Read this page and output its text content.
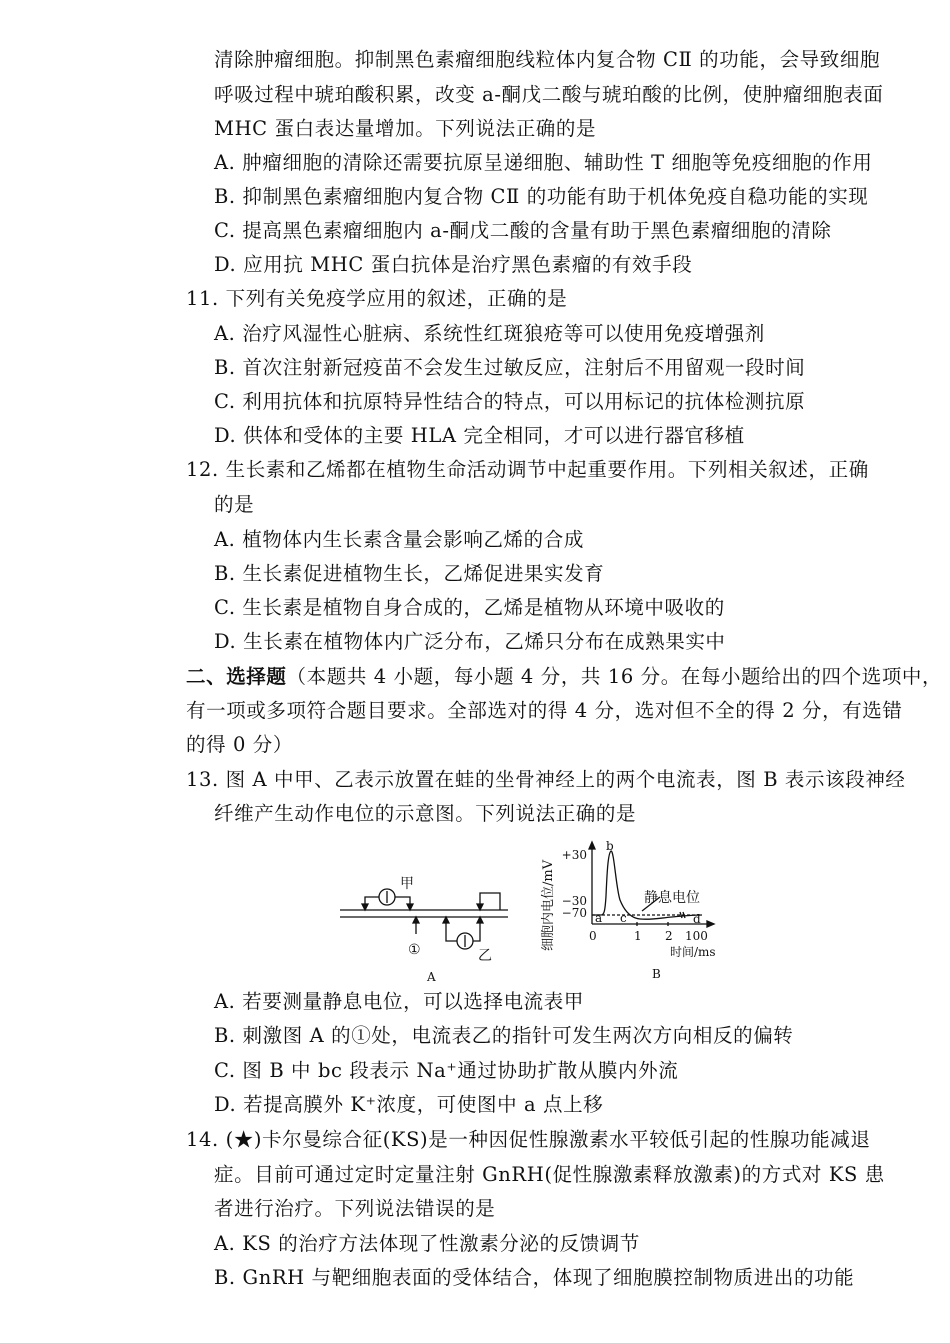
清除肿瘤细胞。抑制黑色素瘤细胞线粒体内复合物 CⅡ 的功能，会导致细胞
呼吸过程中琥珀酸积累，改变 a-酮戊二酸与琥珀酸的比例，使肿瘤细胞表面
MHC 蛋白表达量增加。下列说法正确的是
A. 肿瘤细胞的清除还需要抗原呈递细胞、辅助性 T 细胞等免疫细胞的作用
B. 抑制黑色素瘤细胞内复合物 CⅡ 的功能有助于机体免疫自稳功能的实现
C. 提高黑色素瘤细胞内 a-酮戊二酸的含量有助于黑色素瘤细胞的清除
D. 应用抗 MHC 蛋白抗体是治疗黑色素瘤的有效手段
11. 下列有关免疫学应用的叙述，正确的是
A. 治疗风湿性心脏病、系统性红斑狼疮等可以使用免疫增强剂
B. 首次注射新冠疫苗不会发生过敏反应，注射后不用留观一段时间
C. 利用抗体和抗原特异性结合的特点，可以用标记的抗体检测抗原
D. 供体和受体的主要 HLA 完全相同，才可以进行器官移植
12. 生长素和乙烯都在植物生命活动调节中起重要作用。下列相关叙述，正确
的是
A. 植物体内生长素含量会影响乙烯的合成
B. 生长素促进植物生长，乙烯促进果实发育
C. 生长素是植物自身合成的，乙烯是植物从环境中吸收的
D. 生长素在植物体内广泛分布，乙烯只分布在成熟果实中
二、选择题（本题共 4 小题，每小题 4 分，共 16 分。在每小题给出的四个选项中，
有一项或多项符合题目要求。全部选对的得 4 分，选对但不全的得 2 分，有选错
的得 0 分）
13. 图 A 中甲、乙表示放置在蛙的坐骨神经上的两个电流表，图 B 表示该段神经
纤维产生动作电位的示意图。下列说法正确的是
甲
乙
①
A
细胞内电位/mV
+30
−30
−70
b
a c	d
静息电位
0	1 2 100
时间/ms
B
A. 若要测量静息电位，可以选择电流表甲
B. 刺激图 A 的①处，电流表乙的指针可发生两次方向相反的偏转
C. 图 B 中 bc 段表示 Na⁺通过协助扩散从膜内外流
D. 若提高膜外 K⁺浓度，可使图中 a 点上移
14. (★)卡尔曼综合征(KS)是一种因促性腺激素水平较低引起的性腺功能减退
症。目前可通过定时定量注射 GnRH(促性腺激素释放激素)的方式对 KS 患
者进行治疗。下列说法错误的是
A. KS 的治疗方法体现了性激素分泌的反馈调节
B. GnRH 与靶细胞表面的受体结合，体现了细胞膜控制物质进出的功能
